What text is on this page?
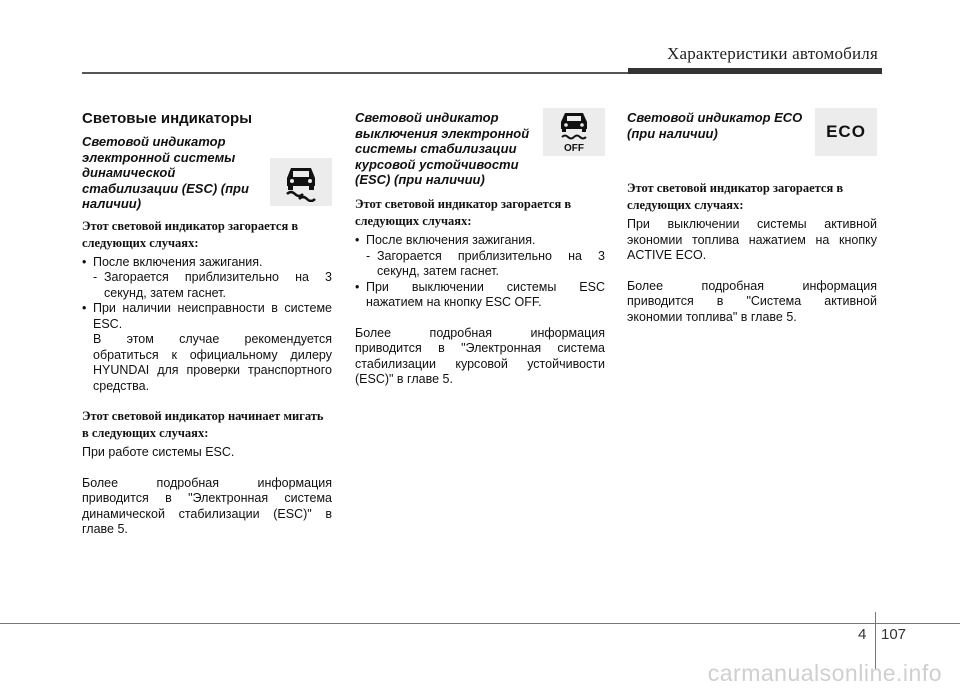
Характеристики автомобиля
Световые индикаторы
Световой индикатор электронной системы динамической стабилизации (ESC) (при наличии)
Этот световой индикатор загорается в следующих случаях:
• После включения зажигания.
- Загорается приблизительно на 3 секунд, затем гаснет.
• При наличии неисправности в системе ESC.
В этом случае рекомендуется обратиться к официальному дилеру HYUNDAI для проверки транспортного средства.
Этот световой индикатор начинает мигать в следующих случаях:
При работе системы ESC.
Более подробная информация приводится в "Электронная система динамической стабилизации (ESC)" в главе 5.
Световой индикатор выключения электронной системы стабилизации курсовой устойчивости (ESC) (при наличии)
OFF
Этот световой индикатор загорается в следующих случаях:
• После включения зажигания.
- Загорается приблизительно на 3 секунд, затем гаснет.
• При выключении системы ESC нажатием на кнопку ESC OFF.
Более подробная информация приводится в "Электронная система стабилизации курсовой устойчивости (ESC)" в главе 5.
Световой индикатор ECO (при наличии)	ECO
Этот световой индикатор загорается в следующих случаях:
При выключении системы активной экономии топлива нажатием на кнопку ACTIVE ECO.
Более подробная информация приводится в "Система активной экономии топлива" в главе 5.
4 107
carmanualsonline.info
